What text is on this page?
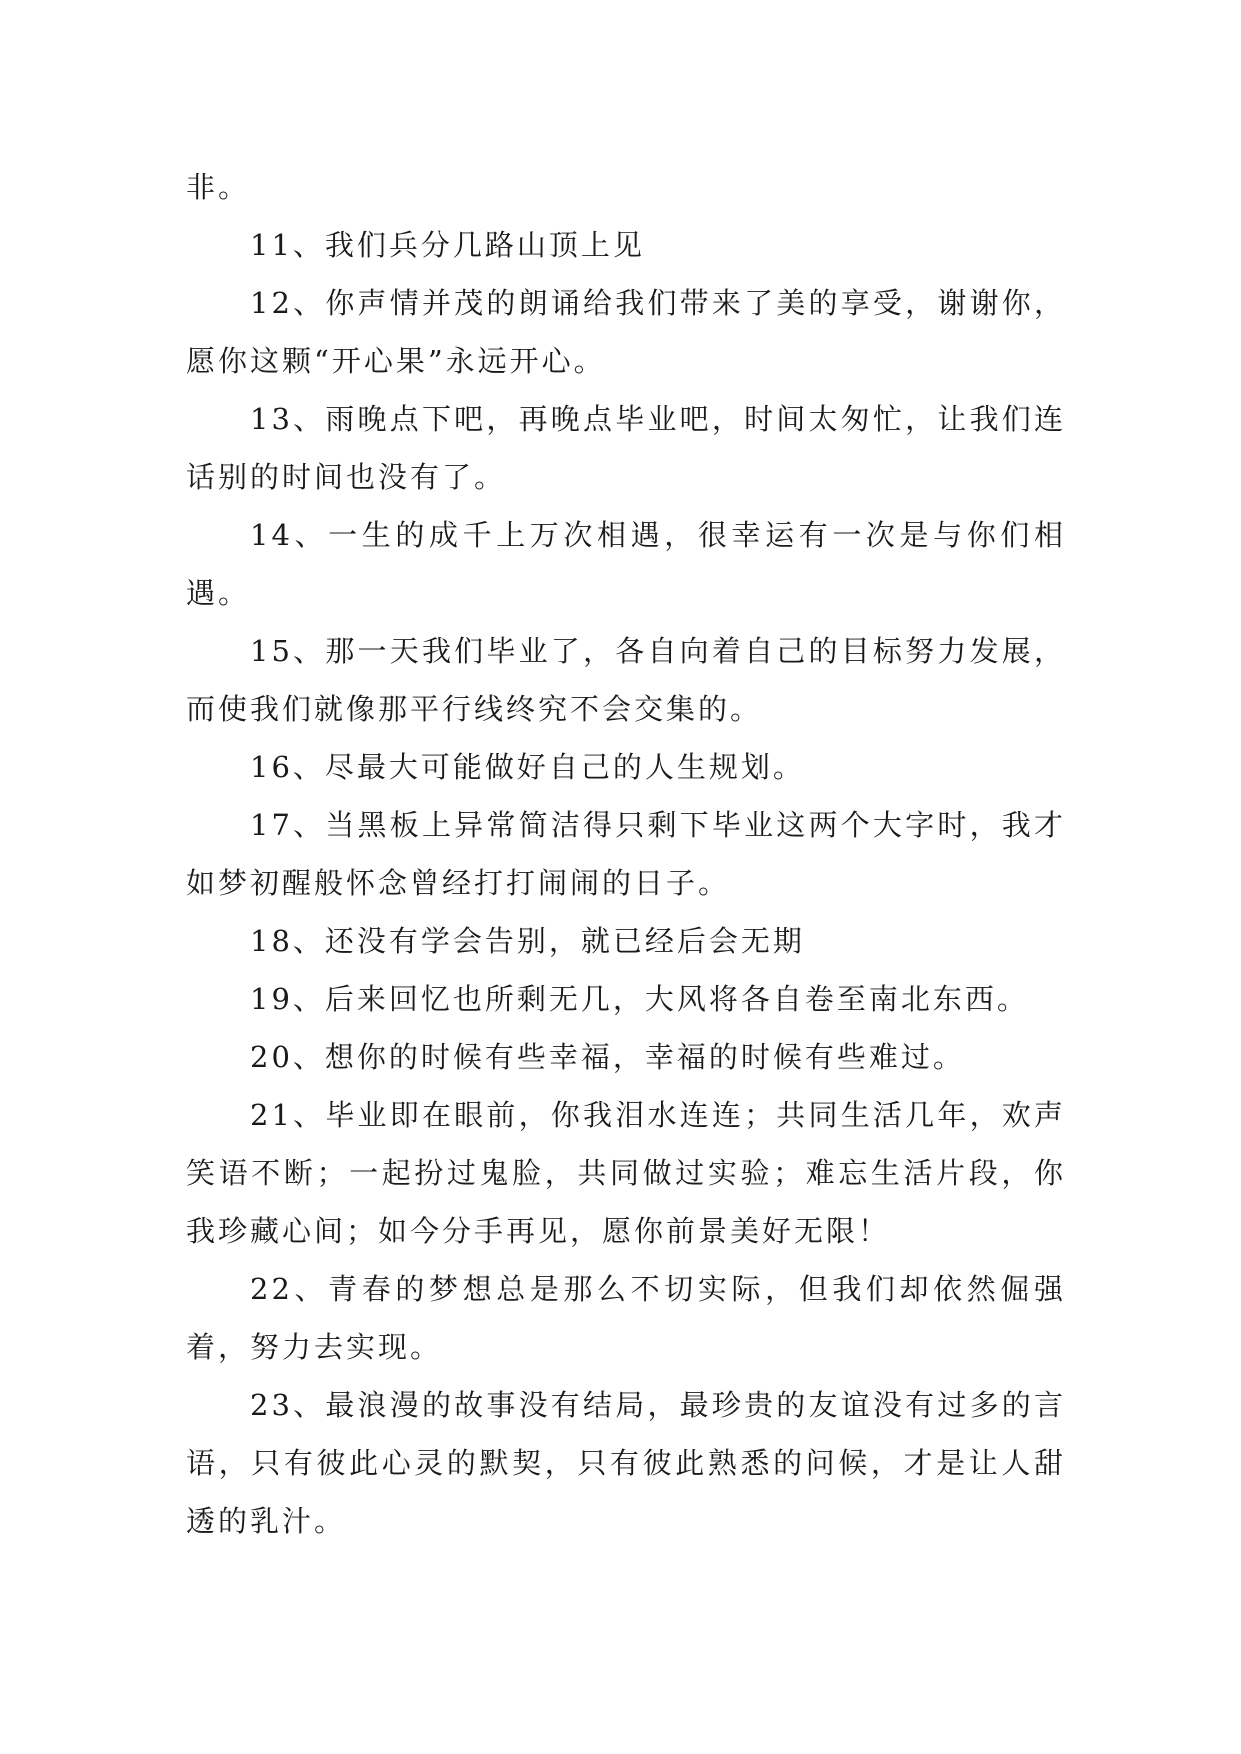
非。

11、我们兵分几路山顶上见

12、你声情并茂的朗诵给我们带来了美的享受，谢谢你，愿你这颗“开心果”永远开心。

13、雨晚点下吧，再晚点毕业吧，时间太匆忙，让我们连话别的时间也没有了。

14、一生的成千上万次相遇，很幸运有一次是与你们相遇。

15、那一天我们毕业了，各自向着自己的目标努力发展，而使我们就像那平行线终究不会交集的。

16、尽最大可能做好自己的人生规划。

17、当黑板上异常简洁得只剩下毕业这两个大字时，我才如梦初醒般怀念曾经打打闹闹的日子。

18、还没有学会告别，就已经后会无期

19、后来回忆也所剩无几，大风将各自卷至南北东西。

20、想你的时候有些幸福，幸福的时候有些难过。

21、毕业即在眼前，你我泪水连连；共同生活几年，欢声笑语不断；一起扮过鬼脸，共同做过实验；难忘生活片段，你我珍藏心间；如今分手再见，愿你前景美好无限！

22、青春的梦想总是那么不切实际，但我们却依然倔强着，努力去实现。

23、最浪漫的故事没有结局，最珍贵的友谊没有过多的言语，只有彼此心灵的默契，只有彼此熟悉的问候，才是让人甜透的乳汁。
